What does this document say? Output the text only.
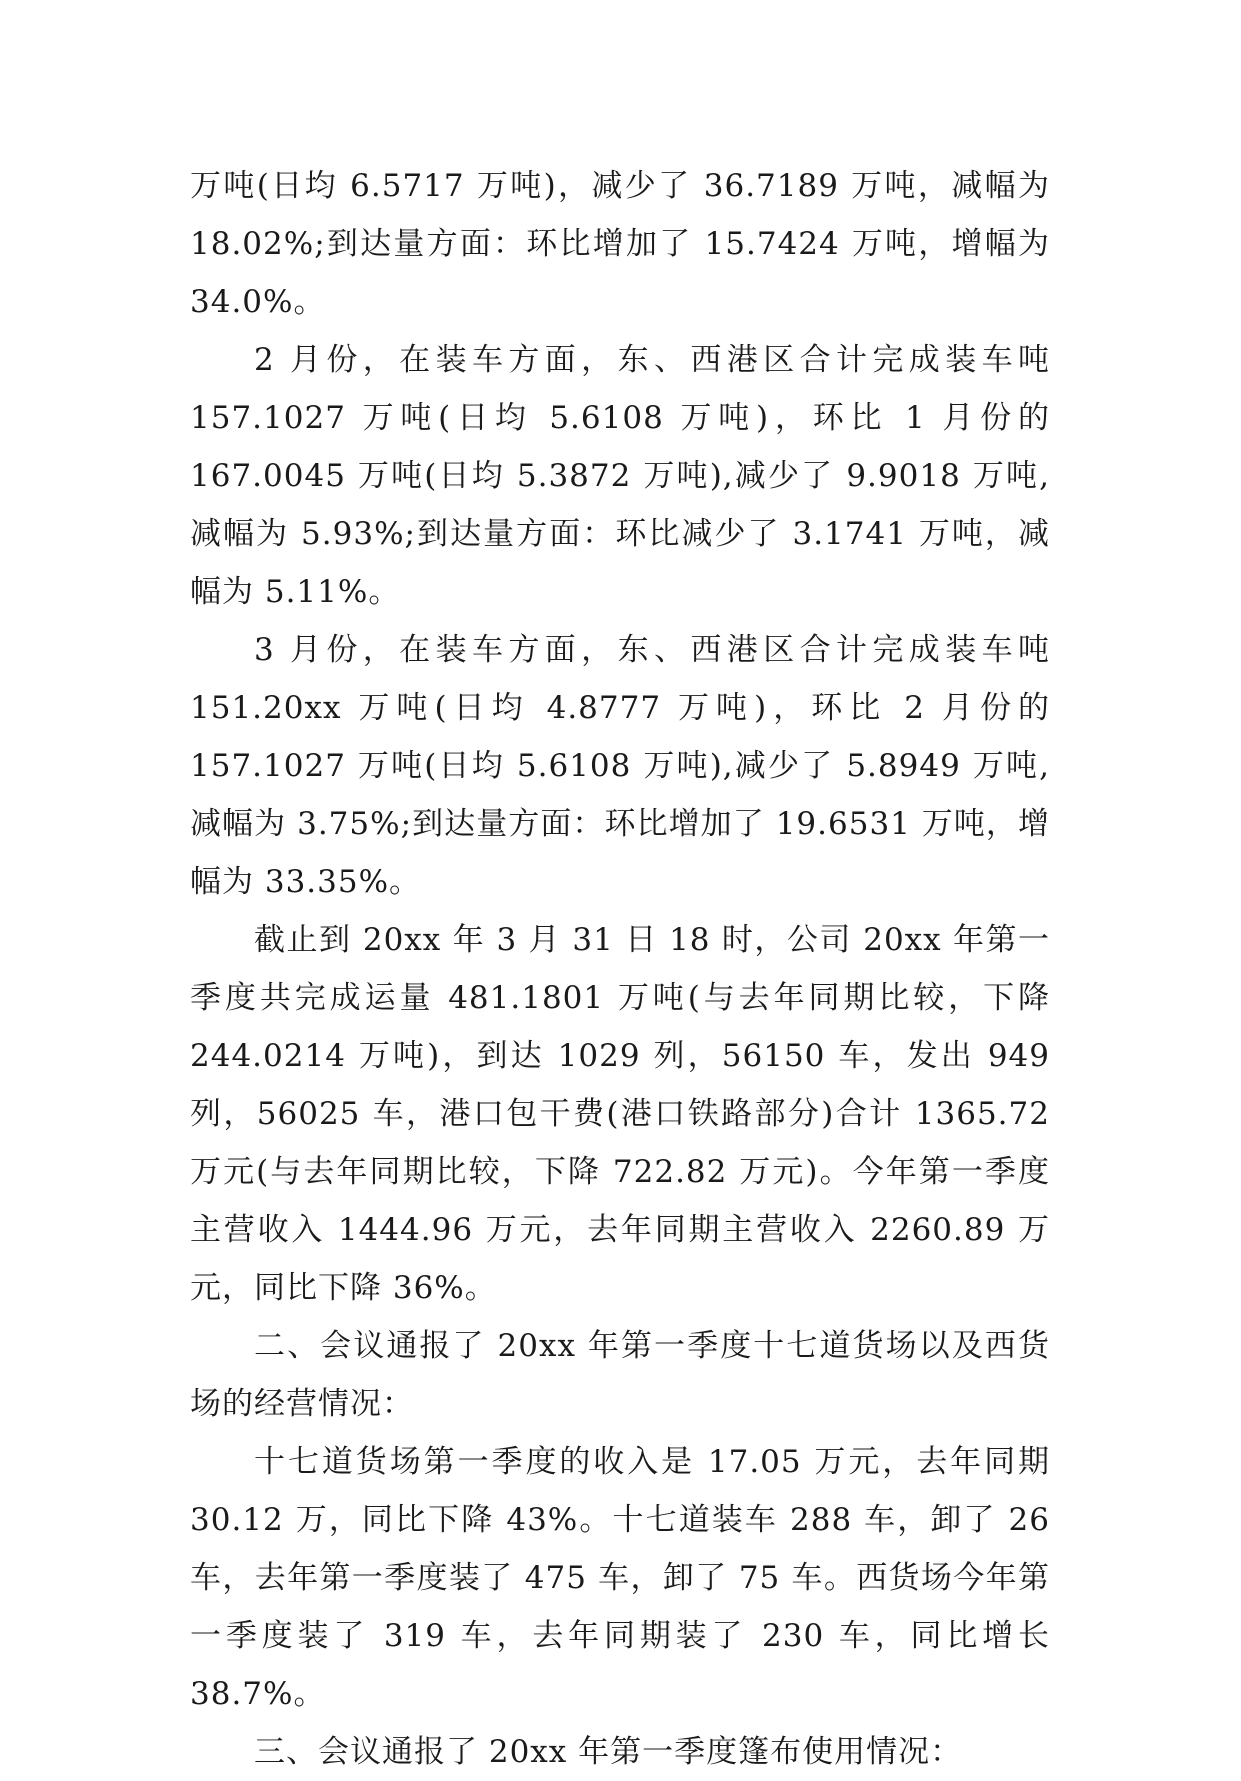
万吨(日均 6.5717 万吨)，减少了 36.7189 万吨，减幅为 18.02%;到达量方面：环比增加了 15.7424 万吨，增幅为 34.0%。

2 月份，在装车方面，东、西港区合计完成装车吨 157.1027 万吨(日均 5.6108 万吨)，环比 1 月份的 167.0045 万吨(日均 5.3872 万吨),减少了 9.9018 万吨,减幅为 5.93%;到达量方面：环比减少了 3.1741 万吨，减幅为 5.11%。

3 月份，在装车方面，东、西港区合计完成装车吨 151.20xx 万吨(日均 4.8777 万吨)，环比 2 月份的 157.1027 万吨(日均 5.6108 万吨),减少了 5.8949 万吨,减幅为 3.75%;到达量方面：环比增加了 19.6531 万吨，增幅为 33.35%。

截止到 20xx 年 3 月 31 日 18 时，公司 20xx 年第一季度共完成运量 481.1801 万吨(与去年同期比较，下降 244.0214 万吨)，到达 1029 列，56150 车，发出 949 列，56025 车，港口包干费(港口铁路部分)合计 1365.72 万元(与去年同期比较，下降 722.82 万元)。今年第一季度主营收入 1444.96 万元，去年同期主营收入 2260.89 万元，同比下降 36%。

二、会议通报了 20xx 年第一季度十七道货场以及西货场的经营情况：

十七道货场第一季度的收入是 17.05 万元，去年同期 30.12 万，同比下降 43%。十七道装车 288 车，卸了 26 车，去年第一季度装了 475 车，卸了 75 车。西货场今年第一季度装了 319 车，去年同期装了 230 车，同比增长 38.7%。

三、会议通报了 20xx 年第一季度篷布使用情况：
